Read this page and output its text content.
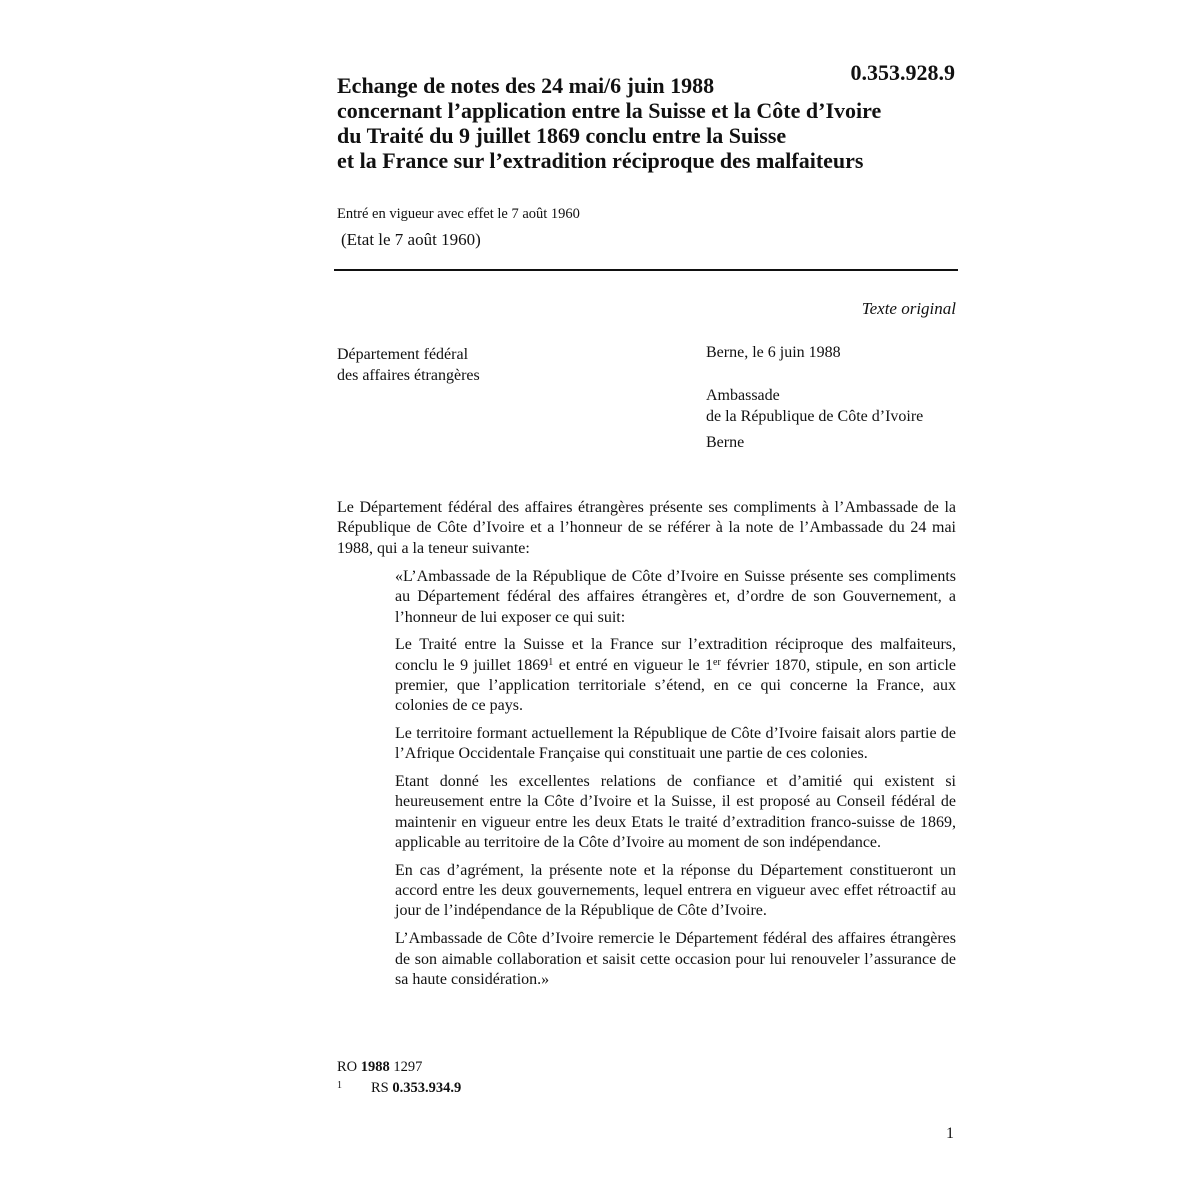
0.353.928.9
Echange de notes des 24 mai/6 juin 1988
concernant l’application entre la Suisse et la Côte d’Ivoire
du Traité du 9 juillet 1869 conclu entre la Suisse
et la France sur l’extradition réciproque des malfaiteurs
Entré en vigueur avec effet le 7 août 1960
(Etat le 7 août 1960)
Texte original
Département fédéral
des affaires étrangères
Berne, le 6 juin 1988
Ambassade
de la République de Côte d’Ivoire
Berne
Le Département fédéral des affaires étrangères présente ses compliments à l’Ambassade de la République de Côte d’Ivoire et a l’honneur de se référer à la note de l’Ambassade du 24 mai 1988, qui a la teneur suivante:

«L’Ambassade de la République de Côte d’Ivoire en Suisse présente ses compliments au Département fédéral des affaires étrangères et, d’ordre de son Gouvernement, a l’honneur de lui exposer ce qui suit:

Le Traité entre la Suisse et la France sur l’extradition réciproque des malfaiteurs, conclu le 9 juillet 1869$^1$ et entré en vigueur le 1er février 1870, stipule, en son article premier, que l’application territoriale s’étend, en ce qui concerne la France, aux colonies de ce pays.

Le territoire formant actuellement la République de Côte d’Ivoire faisait alors partie de l’Afrique Occidentale Française qui constituait une partie de ces colonies.

Etant donné les excellentes relations de confiance et d’amitié qui existent si heureusement entre la Côte d’Ivoire et la Suisse, il est proposé au Conseil fédéral de maintenir en vigueur entre les deux Etats le traité d’extradition franco-suisse de 1869, applicable au territoire de la Côte d’Ivoire au moment de son indépendance.

En cas d’agrément, la présente note et la réponse du Département constitueront un accord entre les deux gouvernements, lequel entrera en vigueur avec effet rétroactif au jour de l’indépendance de la République de Côte d’Ivoire.

L’Ambassade de Côte d’Ivoire remercie le Département fédéral des affaires étrangères de son aimable collaboration et saisit cette occasion pour lui renouveler l’assurance de sa haute considération.»

RO 1988 1297
1 RS 0.353.934.9
1
